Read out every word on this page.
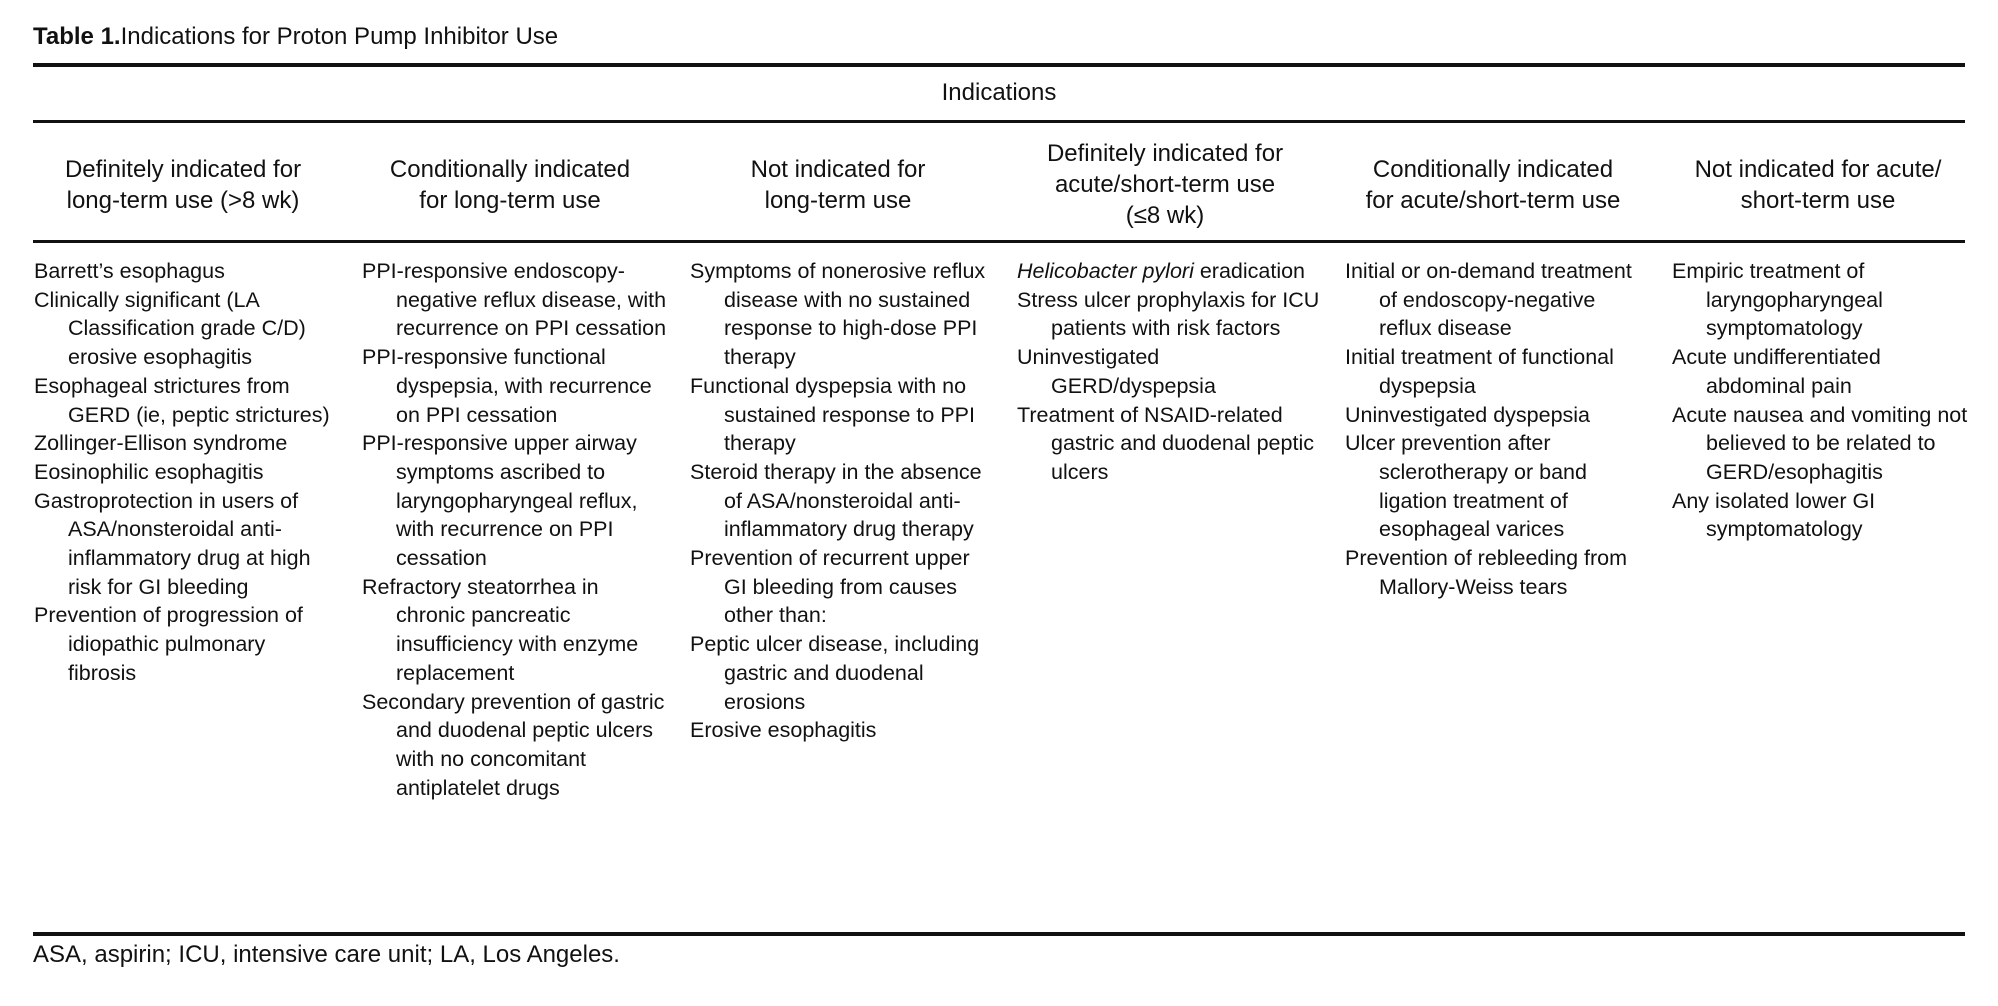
Table 1.Indications for Proton Pump Inhibitor Use
Indications
Definitely indicated for
long-term use (>8 wk)
Conditionally indicated
for long-term use
Not indicated for
long-term use
Definitely indicated for
acute/short-term use
(≤8 wk)
Conditionally indicated
for acute/short-term use
Not indicated for acute/
short-term use

Barrett’s esophagus

Clinically significant (LA Classification grade C/D) erosive esophagitis

Esophageal strictures from GERD (ie, peptic strictures)

Zollinger-Ellison syndrome

Eosinophilic esophagitis

Gastroprotection in users of ASA/nonsteroidal anti-inflammatory drug at high risk for GI bleeding

Prevention of progression of idiopathic pulmonary fibrosis

PPI-responsive endoscopy-negative reflux disease, with recurrence on PPI cessation

PPI-responsive functional dyspepsia, with recurrence on PPI cessation

PPI-responsive upper airway symptoms ascribed to laryngopharyngeal reflux, with recurrence on PPI cessation

Refractory steatorrhea in chronic pancreatic insufficiency with enzyme replacement

Secondary prevention of gastric and duodenal peptic ulcers with no concomitant antiplatelet drugs

Symptoms of nonerosive reflux disease with no sustained response to high-dose PPI therapy

Functional dyspepsia with no sustained response to PPI therapy

Steroid therapy in the absence of ASA/nonsteroidal anti-inflammatory drug therapy

Prevention of recurrent upper GI bleeding from causes other than:

Peptic ulcer disease, including gastric and duodenal erosions

Erosive esophagitis

Helicobacter pylori eradication

Stress ulcer prophylaxis for ICU patients with risk factors

Uninvestigated GERD/dyspepsia

Treatment of NSAID-related gastric and duodenal peptic ulcers

Initial or on-demand treatment of endoscopy-negative reflux disease

Initial treatment of functional dyspepsia

Uninvestigated dyspepsia

Ulcer prevention after sclerotherapy or band ligation treatment of esophageal varices

Prevention of rebleeding from Mallory-Weiss tears

Empiric treatment of laryngopharyngeal symptomatology

Acute undifferentiated abdominal pain

Acute nausea and vomiting not believed to be related to GERD/esophagitis

Any isolated lower GI symptomatology

ASA, aspirin; ICU, intensive care unit; LA, Los Angeles.
